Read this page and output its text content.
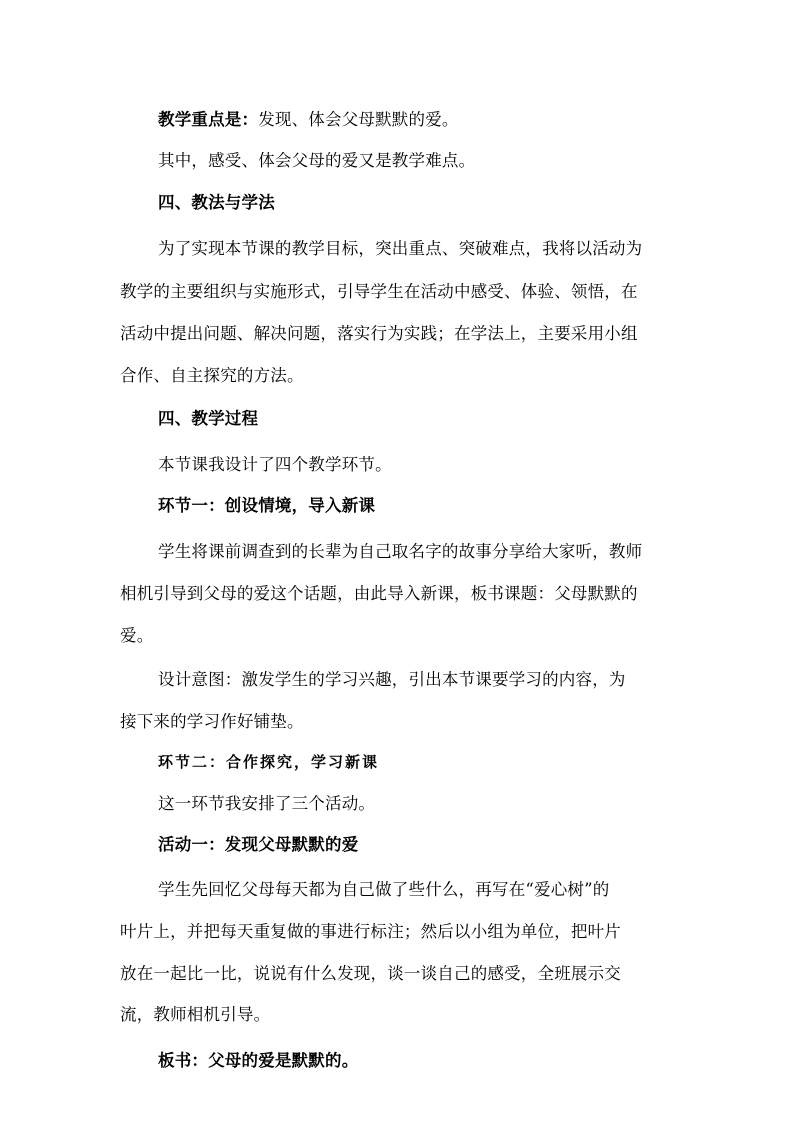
教学重点是：发现、体会父母默默的爱。
其中，感受、体会父母的爱又是教学难点。
四、教法与学法
为了实现本节课的教学目标，突出重点、突破难点，我将以活动为
教学的主要组织与实施形式，引导学生在活动中感受、体验、领悟，在
活动中提出问题、解决问题，落实行为实践；在学法上，主要采用小组
合作、自主探究的方法。
四、教学过程
本节课我设计了四个教学环节。
环节一：创设情境，导入新课
学生将课前调查到的长辈为自己取名字的故事分享给大家听，教师
相机引导到父母的爱这个话题，由此导入新课，板书课题：父母默默的
爱。
设计意图：激发学生的学习兴趣，引出本节课要学习的内容，为
接下来的学习作好铺垫。
环节二：合作探究，学习新课
这一环节我安排了三个活动。
活动一：发现父母默默的爱
学生先回忆父母每天都为自己做了些什么，再写在“爱心树”的
叶片上，并把每天重复做的事进行标注；然后以小组为单位，把叶片
放在一起比一比，说说有什么发现，谈一谈自己的感受，全班展示交
流，教师相机引导。
板书：父母的爱是默默的。
